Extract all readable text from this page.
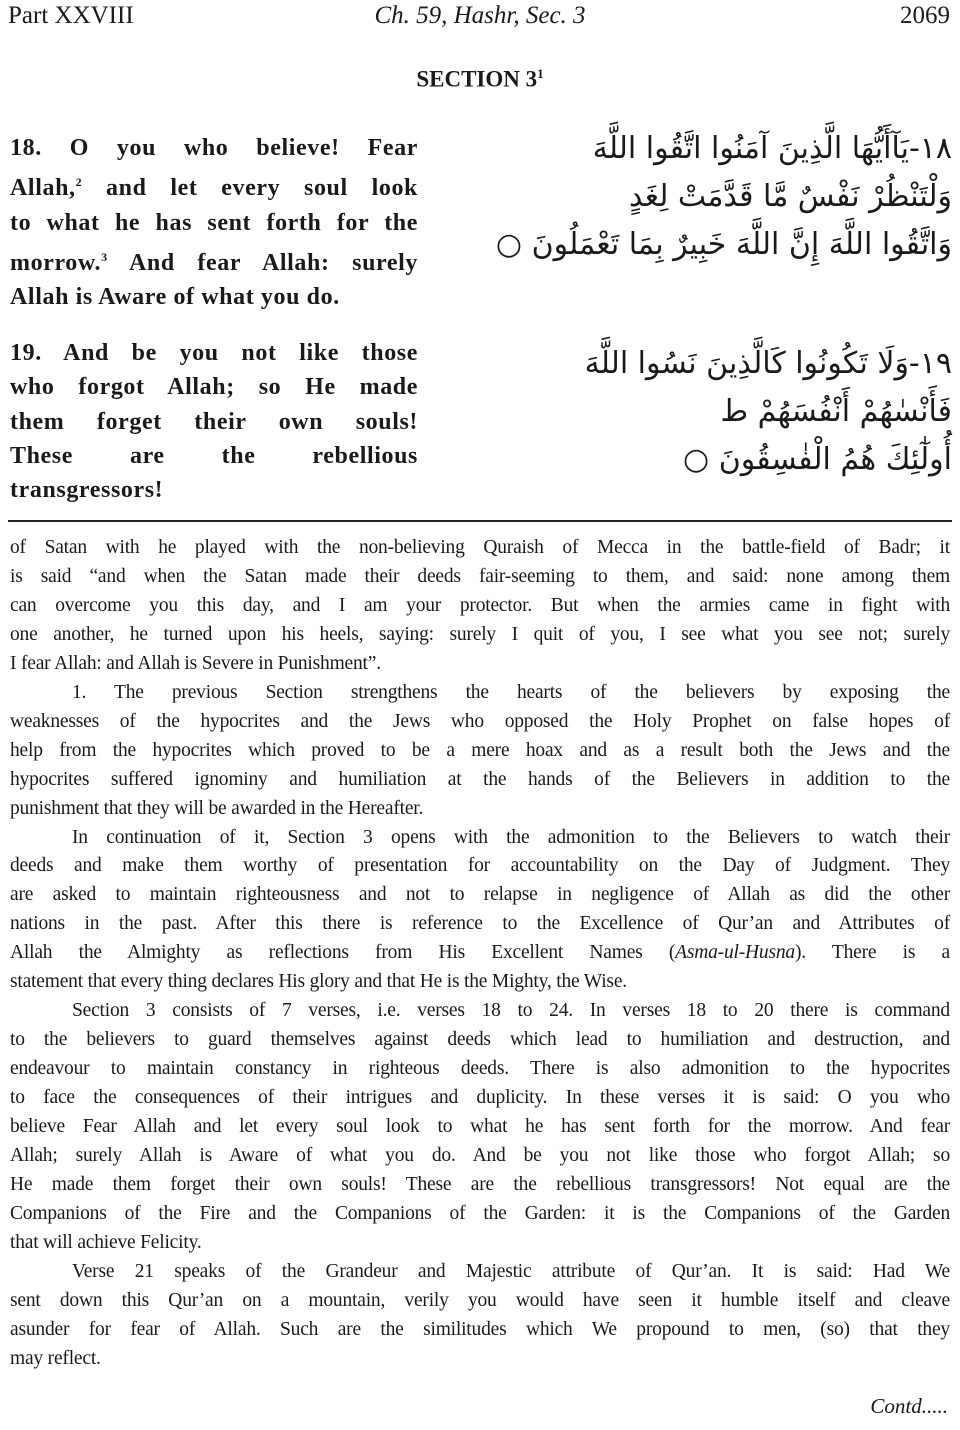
Part XXVIII	Ch. 59, Hashr, Sec. 3	2069
SECTION $3^1$
18. O you who believe! Fear
Allah,$^2$ and let every soul look
to what he has sent forth for the
morrow.$^3$ And fear Allah: surely
Allah is Aware of what you do.
١٨-يَآأَيُّهَا الَّذِينَ آمَنُوا اتَّقُوا اللَّهَ
وَلْتَنْظُرْ نَفْسٌ مَّا قَدَّمَتْ لِغَدٍ
وَاتَّقُوا اللَّهَ إِنَّ اللَّهَ خَبِيرٌ بِمَا تَعْمَلُونَ ○
19. And be you not like those
who forgot Allah; so He made
them forget their own souls!
These are the rebellious
transgressors!
١٩-وَلَا تَكُونُوا كَالَّذِينَ نَسُوا اللَّهَ
فَأَنْسٰهُمْ أَنْفُسَهُمْ ط
أُولٰٓئِكَ هُمُ الْفٰسِقُونَ ○
of Satan with he played with the non-believing Quraish of Mecca in the battle-field of Badr; it
is said “and when the Satan made their deeds fair-seeming to them, and said: none among them
can overcome you this day, and I am your protector. But when the armies came in fight with
one another, he turned upon his heels, saying: surely I quit of you, I see what you see not; surely
I fear Allah: and Allah is Severe in Punishment”.
1. The previous Section strengthens the hearts of the believers by exposing the
weaknesses of the hypocrites and the Jews who opposed the Holy Prophet on false hopes of
help from the hypocrites which proved to be a mere hoax and as a result both the Jews and the
hypocrites suffered ignominy and humiliation at the hands of the Believers in addition to the
punishment that they will be awarded in the Hereafter.
In continuation of it, Section 3 opens with the admonition to the Believers to watch their
deeds and make them worthy of presentation for accountability on the Day of Judgment. They
are asked to maintain righteousness and not to relapse in negligence of Allah as did the other
nations in the past. After this there is reference to the Excellence of Qur’an and Attributes of
Allah the Almighty as reflections from His Excellent Names (Asma-ul-Husna). There is a
statement that every thing declares His glory and that He is the Mighty, the Wise.
Section 3 consists of 7 verses, i.e. verses 18 to 24. In verses 18 to 20 there is command
to the believers to guard themselves against deeds which lead to humiliation and destruction, and
endeavour to maintain constancy in righteous deeds. There is also admonition to the hypocrites
to face the consequences of their intrigues and duplicity. In these verses it is said: O you who
believe Fear Allah and let every soul look to what he has sent forth for the morrow. And fear
Allah; surely Allah is Aware of what you do. And be you not like those who forgot Allah; so
He made them forget their own souls! These are the rebellious transgressors! Not equal are the
Companions of the Fire and the Companions of the Garden: it is the Companions of the Garden
that will achieve Felicity.
Verse 21 speaks of the Grandeur and Majestic attribute of Qur’an. It is said: Had We
sent down this Qur’an on a mountain, verily you would have seen it humble itself and cleave
asunder for fear of Allah. Such are the similitudes which We propound to men, (so) that they
may reflect.
Contd.....
